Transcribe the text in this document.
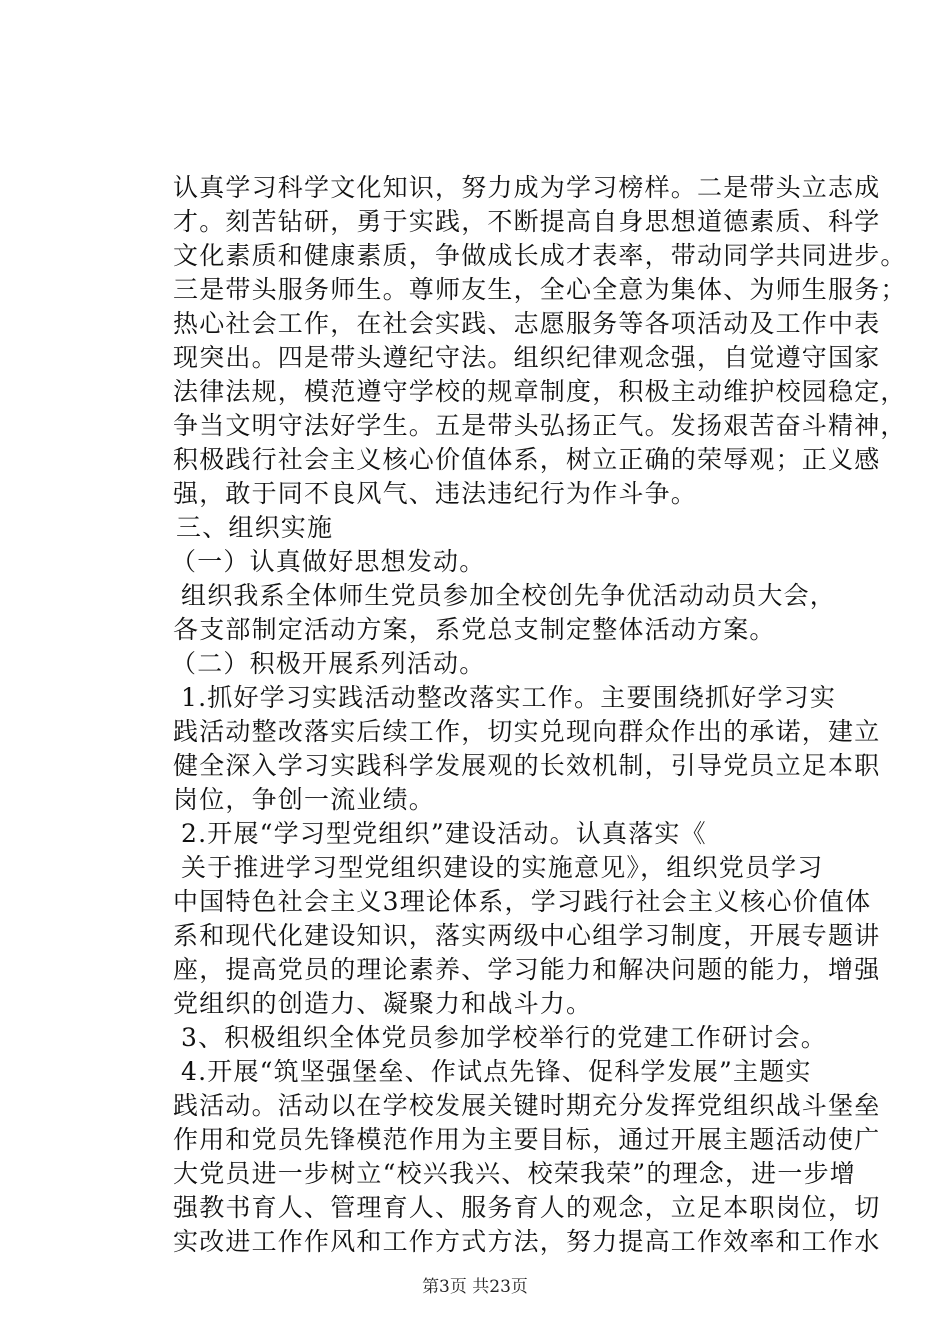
认真学习科学文化知识，努力成为学习榜样。二是带头立志成
才。刻苦钻研，勇于实践，不断提高自身思想道德素质、科学
文化素质和健康素质，争做成长成才表率，带动同学共同进步。
三是带头服务师生。尊师友生，全心全意为集体、为师生服务；
热心社会工作，在社会实践、志愿服务等各项活动及工作中表
现突出。四是带头遵纪守法。组织纪律观念强，自觉遵守国家
法律法规，模范遵守学校的规章制度，积极主动维护校园稳定，
争当文明守法好学生。五是带头弘扬正气。发扬艰苦奋斗精神，
积极践行社会主义核心价值体系，树立正确的荣辱观；正义感
强，敢于同不良风气、违法违纪行为作斗争。
三、组织实施
（一）认真做好思想发动。
组织我系全体师生党员参加全校创先争优活动动员大会，
各支部制定活动方案，系党总支制定整体活动方案。
（二）积极开展系列活动。
1.抓好学习实践活动整改落实工作。主要围绕抓好学习实
践活动整改落实后续工作，切实兑现向群众作出的承诺，建立
健全深入学习实践科学发展观的长效机制，引导党员立足本职
岗位，争创一流业绩。
2.开展“学习型党组织”建设活动。认真落实《
关于推进学习型党组织建设的实施意见》，组织党员学习
中国特色社会主义3理论体系，学习践行社会主义核心价值体
系和现代化建设知识，落实两级中心组学习制度，开展专题讲
座，提高党员的理论素养、学习能力和解决问题的能力，增强
党组织的创造力、凝聚力和战斗力。
3、积极组织全体党员参加学校举行的党建工作研讨会。
4.开展“筑坚强堡垒、作试点先锋、促科学发展”主题实
践活动。活动以在学校发展关键时期充分发挥党组织战斗堡垒
作用和党员先锋模范作用为主要目标，通过开展主题活动使广
大党员进一步树立“校兴我兴、校荣我荣”的理念，进一步增
强教书育人、管理育人、服务育人的观念，立足本职岗位，切
实改进工作作风和工作方式方法，努力提高工作效率和工作水
第3页 共23页
